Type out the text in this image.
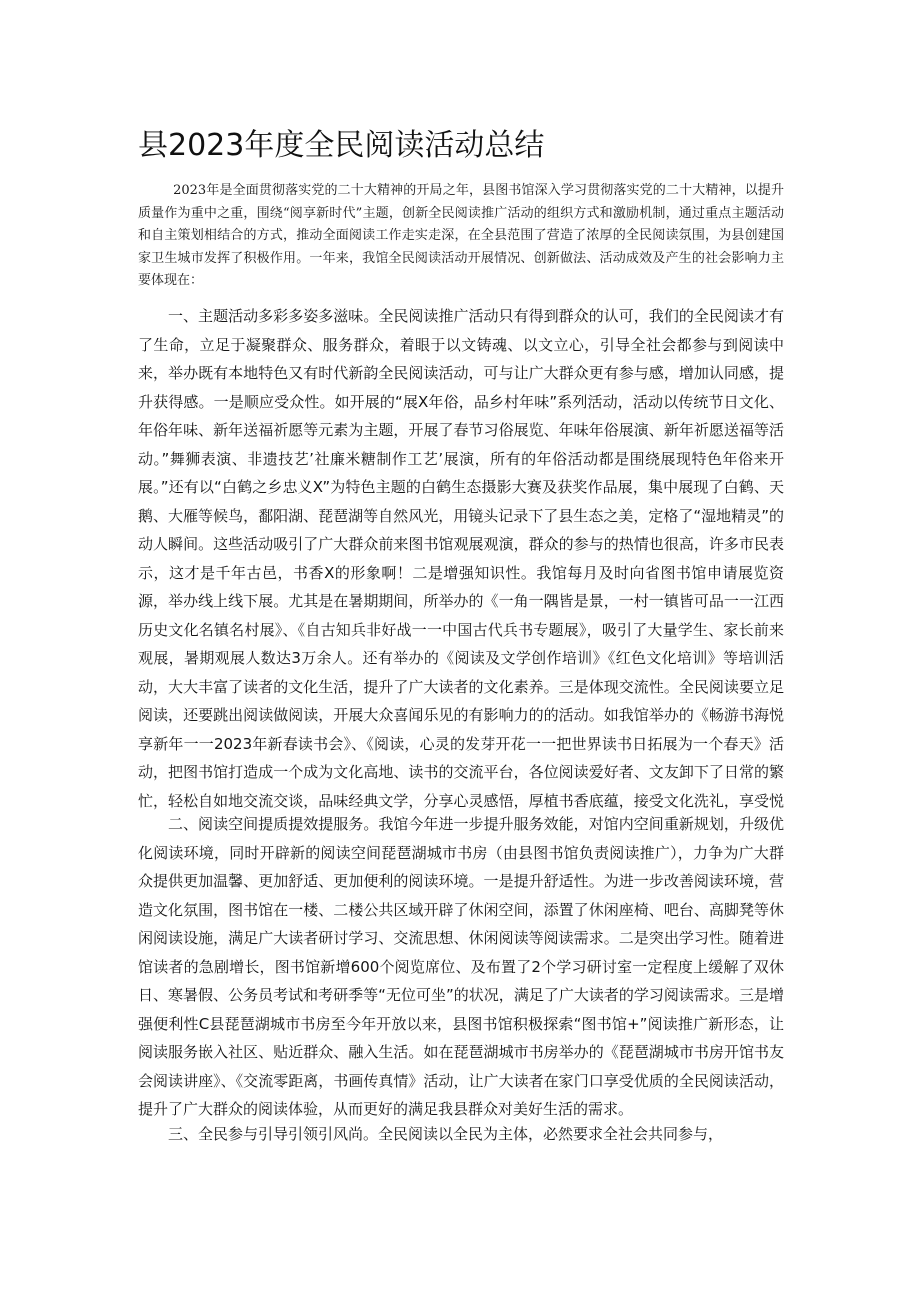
县2023年度全民阅读活动总结

2023年是全面贯彻落实党的二十大精神的开局之年，县图书馆深入学习贯彻落实党的二十大精神，以提升质量作为重中之重，围绕“阅享新时代”主题，创新全民阅读推广活动的组织方式和激励机制，通过重点主题活动和自主策划相结合的方式，推动全面阅读工作走实走深，在全县范围了营造了浓厚的全民阅读氛围，为县创建国家卫生城市发挥了积极作用。一年来，我馆全民阅读活动开展情况、创新做法、活动成效及产生的社会影响力主要体现在：

一、主题活动多彩多姿多滋味。全民阅读推广活动只有得到群众的认可，我们的全民阅读才有了生命，立足于凝聚群众、服务群众，着眼于以文铸魂、以文立心，引导全社会都参与到阅读中来，举办既有本地特色又有时代新韵全民阅读活动，可与让广大群众更有参与感，增加认同感，提升获得感。一是顺应受众性。如开展的“展X年俗，品乡村年味”系列活动，活动以传统节日文化、年俗年味、新年送福祈愿等元素为主题，开展了春节习俗展览、年味年俗展演、新年祈愿送福等活动。”舞狮表演、非遗技艺’社廉米糖制作工艺’展演，所有的年俗活动都是围绕展现特色年俗来开展。”还有以“白鹤之乡忠义X”为特色主题的白鹤生态摄影大赛及获奖作品展，集中展现了白鹤、天鹅、大雁等候鸟，鄱阳湖、琵琶湖等自然风光，用镜头记录下了县生态之美，定格了“湿地精灵”的动人瞬间。这些活动吸引了广大群众前来图书馆观展观演，群众的参与的热情也很高，许多市民表示，这才是千年古邑，书香X的形象啊！二是增强知识性。我馆每月及时向省图书馆申请展览资源，举办线上线下展。尤其是在暑期期间，所举办的《一角一隅皆是景，一村一镇皆可品一一江西历史文化名镇名村展》、《自古知兵非好战一一中国古代兵书专题展》，吸引了大量学生、家长前来观展，暑期观展人数达3万余人。还有举办的《阅读及文学创作培训》《红色文化培训》等培训活动，大大丰富了读者的文化生活，提升了广大读者的文化素养。三是体现交流性。全民阅读要立足阅读，还要跳出阅读做阅读，开展大众喜闻乐见的有影响力的的活动。如我馆举办的《畅游书海悦享新年一一2023年新春读书会》、《阅读，心灵的发芽开花一一把世界读书日拓展为一个春天》活动，把图书馆打造成一个成为文化高地、读书的交流平台，各位阅读爱好者、文友卸下了日常的繁忙，轻松自如地交流交谈，品味经典文学，分享心灵感悟，厚植书香底蕴，接受文化洗礼，享受悦

二、阅读空间提质提效提服务。我馆今年进一步提升服务效能，对馆内空间重新规划，升级优化阅读环境，同时开辟新的阅读空间琵琶湖城市书房（由县图书馆负责阅读推广），力争为广大群众提供更加温馨、更加舒适、更加便利的阅读环境。一是提升舒适性。为进一步改善阅读环境，营造文化氛围，图书馆在一楼、二楼公共区域开辟了休闲空间，添置了休闲座椅、吧台、高脚凳等休闲阅读设施，满足广大读者研讨学习、交流思想、休闲阅读等阅读需求。二是突出学习性。随着进馆读者的急剧增长，图书馆新增600个阅览席位、及布置了2个学习研讨室一定程度上缓解了双休日、寒暑假、公务员考试和考研季等“无位可坐”的状况，满足了广大读者的学习阅读需求。三是增强便利性C县琵琶湖城市书房至今年开放以来，县图书馆积极探索“图书馆+”阅读推广新形态，让阅读服务嵌入社区、贴近群众、融入生活。如在琵琶湖城市书房举办的《琵琶湖城市书房开馆书友会阅读讲座》、《交流零距离，书画传真情》活动，让广大读者在家门口享受优质的全民阅读活动，提升了广大群众的阅读体验，从而更好的满足我县群众对美好生活的需求。

三、全民参与引导引领引风尚。全民阅读以全民为主体，必然要求全社会共同参与，
